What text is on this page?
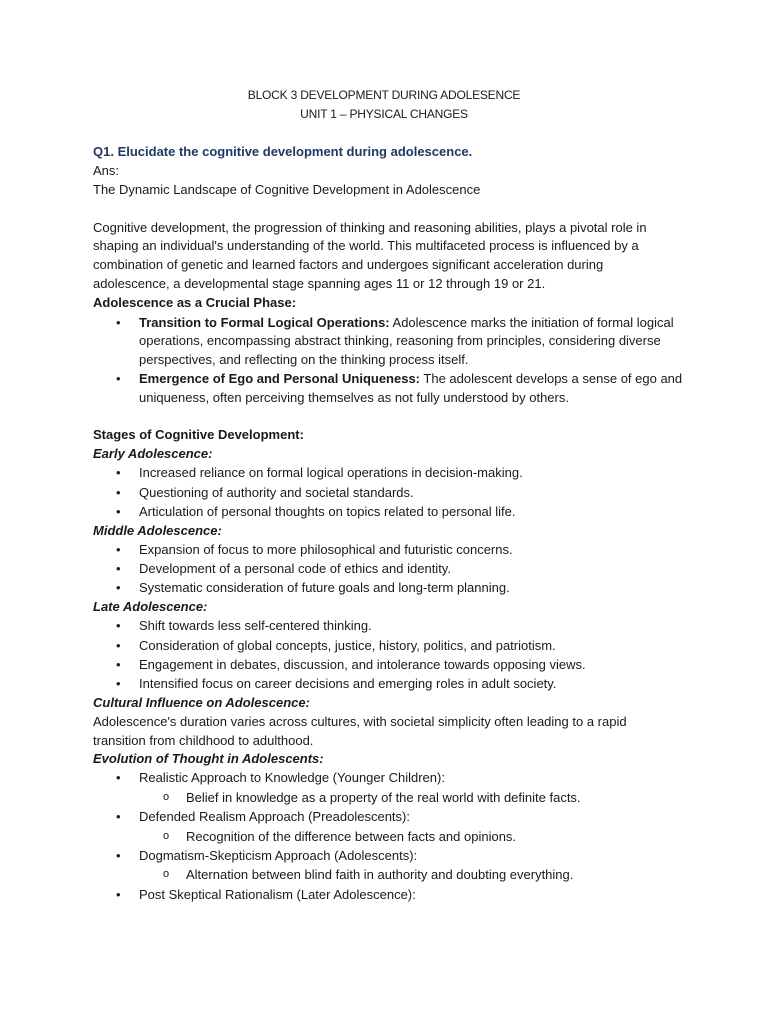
BLOCK 3 DEVELOPMENT DURING ADOLESENCE
UNIT 1 – PHYSICAL CHANGES
Q1. Elucidate the cognitive development during adolescence.
Ans:
The Dynamic Landscape of Cognitive Development in Adolescence
Cognitive development, the progression of thinking and reasoning abilities, plays a pivotal role in
shaping an individual's understanding of the world. This multifaceted process is influenced by a
combination of genetic and learned factors and undergoes significant acceleration during
adolescence, a developmental stage spanning ages 11 or 12 through 19 or 21.
Adolescence as a Crucial Phase:
• Transition to Formal Logical Operations: Adolescence marks the initiation of formal logical
operations, encompassing abstract thinking, reasoning from principles, considering diverse
perspectives, and reflecting on the thinking process itself.
• Emergence of Ego and Personal Uniqueness: The adolescent develops a sense of ego and
uniqueness, often perceiving themselves as not fully understood by others.
Stages of Cognitive Development:
Early Adolescence:
• Increased reliance on formal logical operations in decision-making.
• Questioning of authority and societal standards.
• Articulation of personal thoughts on topics related to personal life.
Middle Adolescence:
• Expansion of focus to more philosophical and futuristic concerns.
• Development of a personal code of ethics and identity.
• Systematic consideration of future goals and long-term planning.
Late Adolescence:
• Shift towards less self-centered thinking.
• Consideration of global concepts, justice, history, politics, and patriotism.
• Engagement in debates, discussion, and intolerance towards opposing views.
• Intensified focus on career decisions and emerging roles in adult society.
Cultural Influence on Adolescence:
Adolescence's duration varies across cultures, with societal simplicity often leading to a rapid
transition from childhood to adulthood.
Evolution of Thought in Adolescents:
• Realistic Approach to Knowledge (Younger Children):
o Belief in knowledge as a property of the real world with definite facts.
• Defended Realism Approach (Preadolescents):
o Recognition of the difference between facts and opinions.
• Dogmatism-Skepticism Approach (Adolescents):
o Alternation between blind faith in authority and doubting everything.
• Post Skeptical Rationalism (Later Adolescence):
